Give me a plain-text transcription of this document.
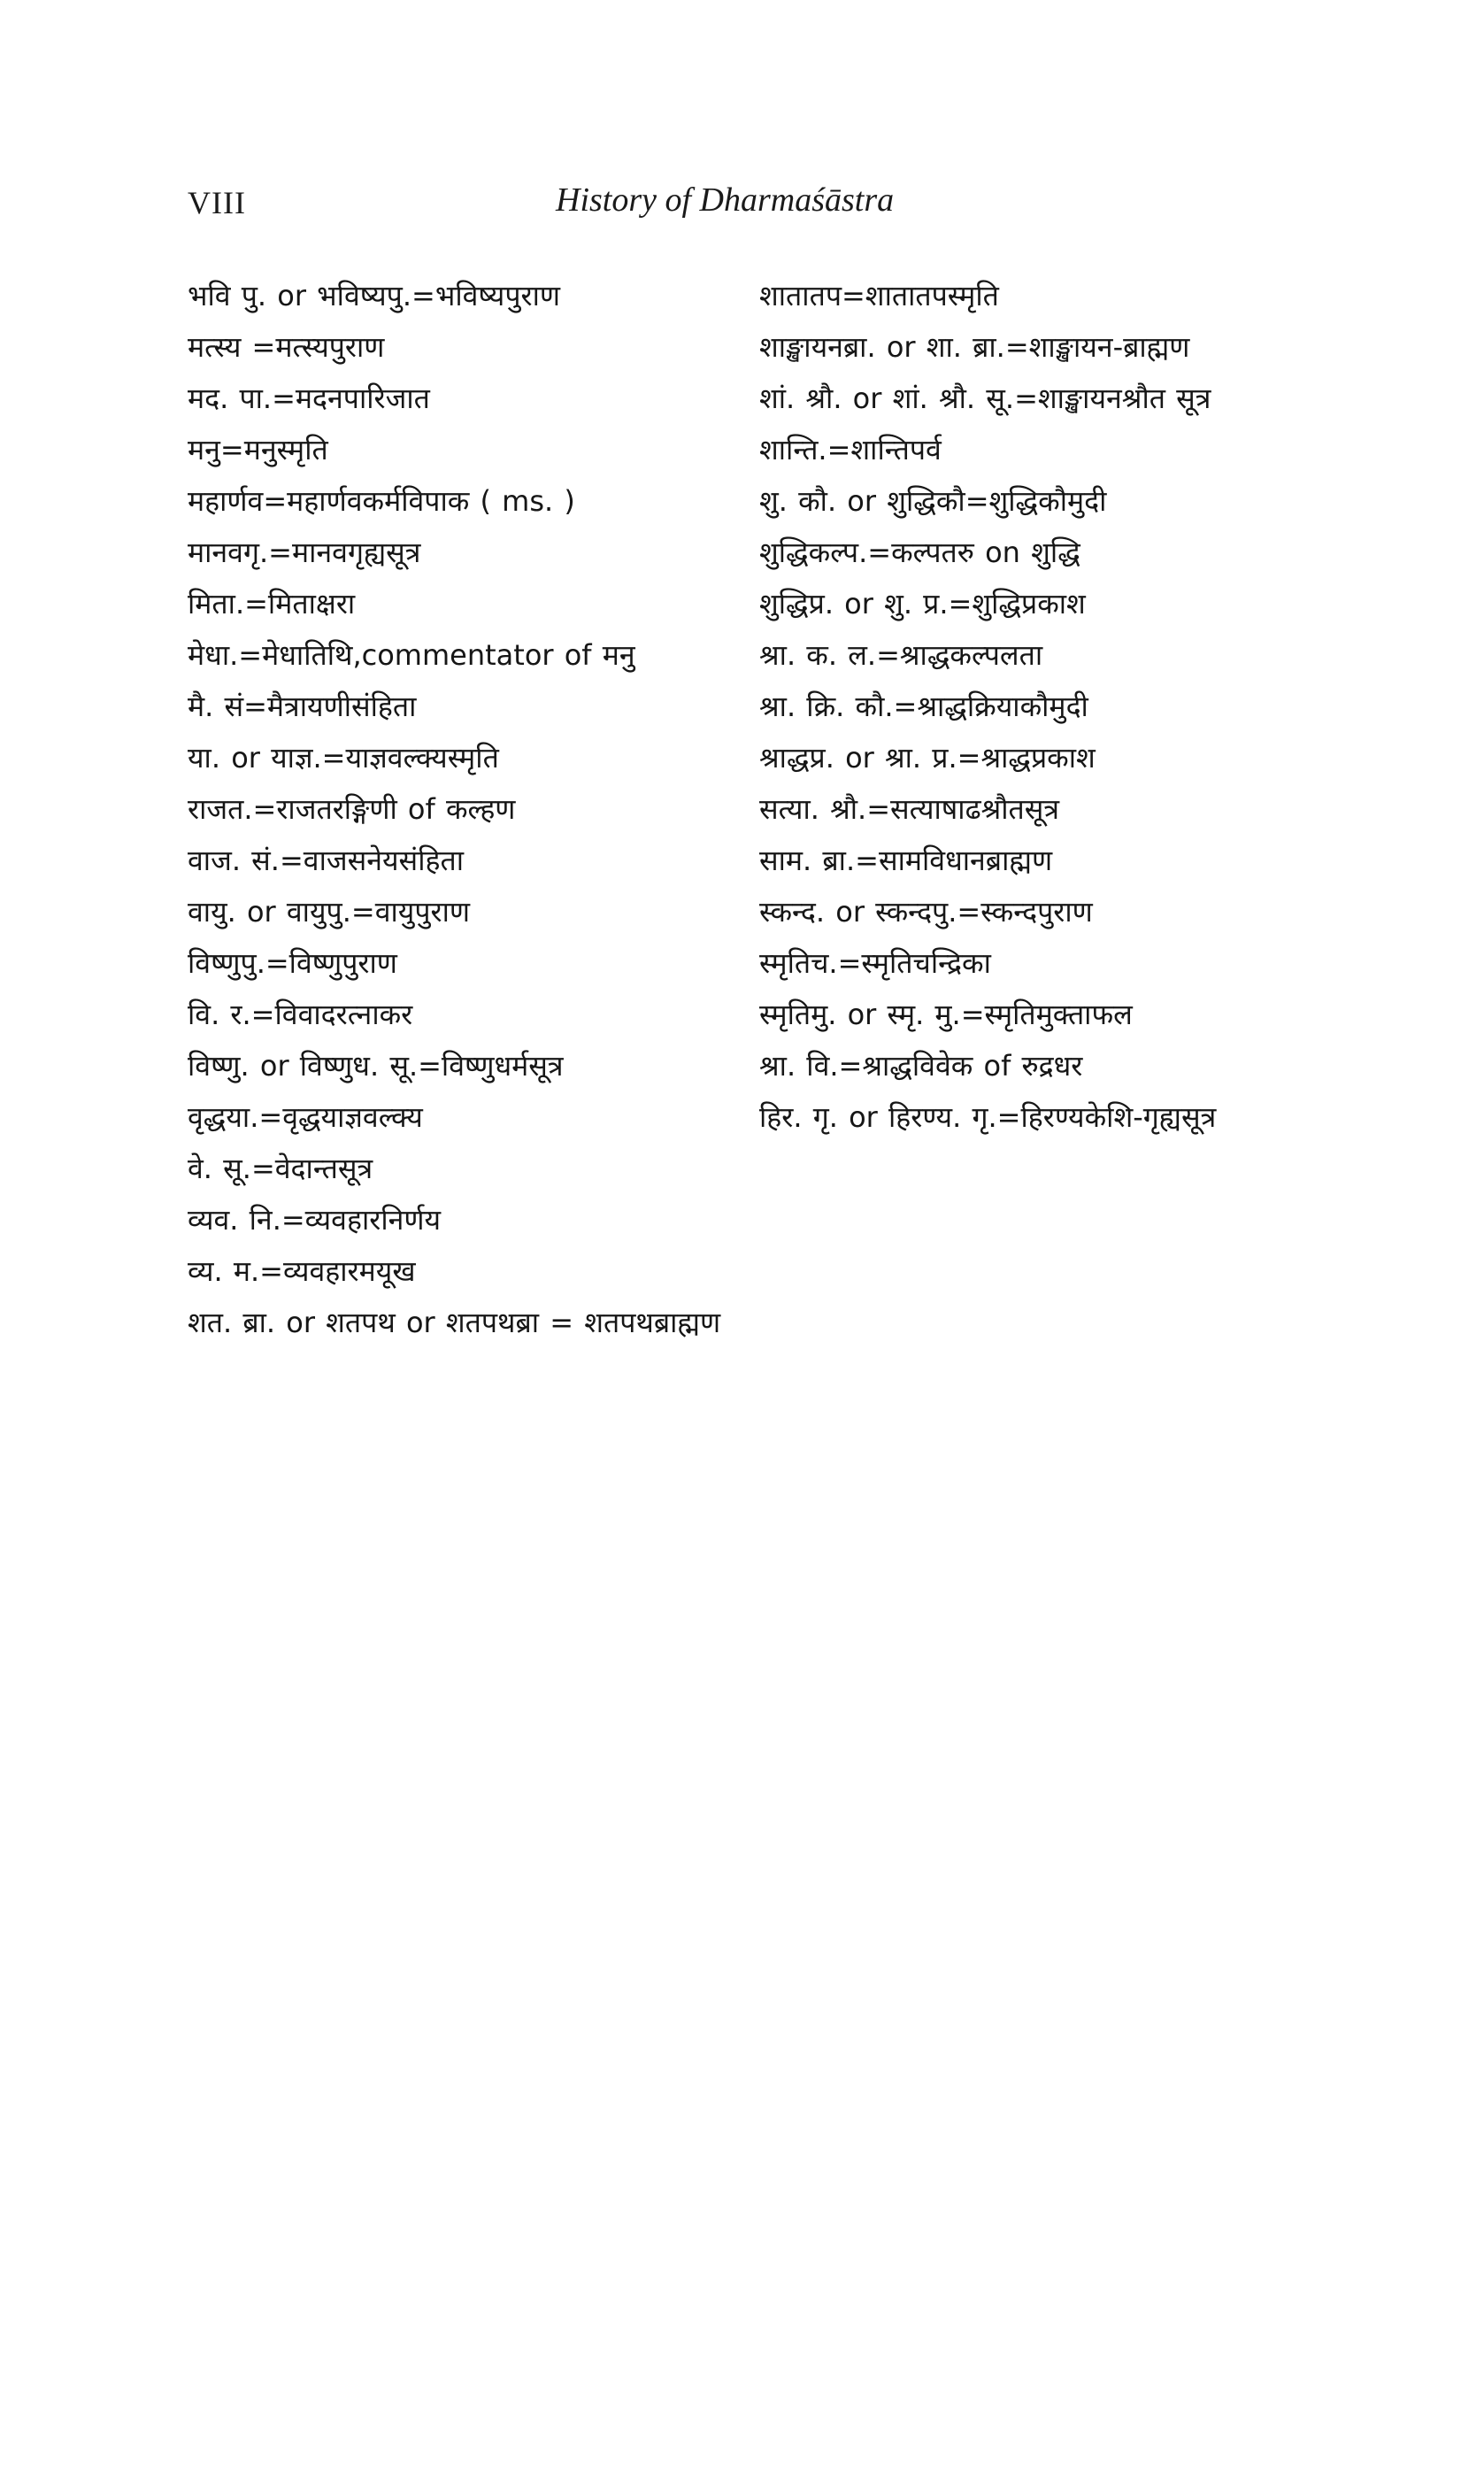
VIII	History of Dharmaśāstra
भवि पु. or भविष्यपु.=भविष्यपुराण
मत्स्य =मत्स्यपुराण
मद. पा.=मदनपारिजात
मनु=मनुस्मृति
महार्णव=महार्णवकर्मविपाक ( ms. )
मानवगृ.=मानवगृह्यसूत्र
मिता.=मिताक्षरा
मेधा.=मेधातिथि,commentator of मनु
मै. सं=मैत्रायणीसंहिता
या. or याज्ञ.=याज्ञवल्क्यस्मृति
राजत.=राजतरङ्गिणी of कल्हण
वाज. सं.=वाजसनेयसंहिता
वायु. or वायुपु.=वायुपुराण
विष्णुपु.=विष्णुपुराण
वि. र.=विवादरत्नाकर
विष्णु. or विष्णुध. सू.=विष्णुधर्मसूत्र
वृद्धया.=वृद्धयाज्ञवल्क्य
वे. सू.=वेदान्तसूत्र
व्यव. नि.=व्यवहारनिर्णय
व्य. म.=व्यवहारमयूख
शत. ब्रा. or शतपथ or शतपथब्रा = शतपथब्राह्मण
शातातप=शातातपस्मृति
शाङ्खायनब्रा. or शा. ब्रा.=शाङ्खायन-ब्राह्मण
शां. श्रौ. or शां. श्रौ. सू.=शाङ्खायनश्रौत सूत्र
शान्ति.=शान्तिपर्व
शु. कौ. or शुद्धिकौ=शुद्धिकौमुदी
शुद्धिकल्प.=कल्पतरु on शुद्धि
शुद्धिप्र. or शु. प्र.=शुद्धिप्रकाश
श्रा. क. ल.=श्राद्धकल्पलता
श्रा. क्रि. कौ.=श्राद्धक्रियाकौमुदी
श्राद्धप्र. or श्रा. प्र.=श्राद्धप्रकाश
सत्या. श्रौ.=सत्याषाढश्रौतसूत्र
साम. ब्रा.=सामविधानब्राह्मण
स्कन्द. or स्कन्दपु.=स्कन्दपुराण
स्मृतिच.=स्मृतिचन्द्रिका
स्मृतिमु. or स्मृ. मु.=स्मृतिमुक्ताफल
श्रा. वि.=श्राद्धविवेक of रुद्रधर
हिर. गृ. or हिरण्य. गृ.=हिरण्यकेशि-गृह्यसूत्र
